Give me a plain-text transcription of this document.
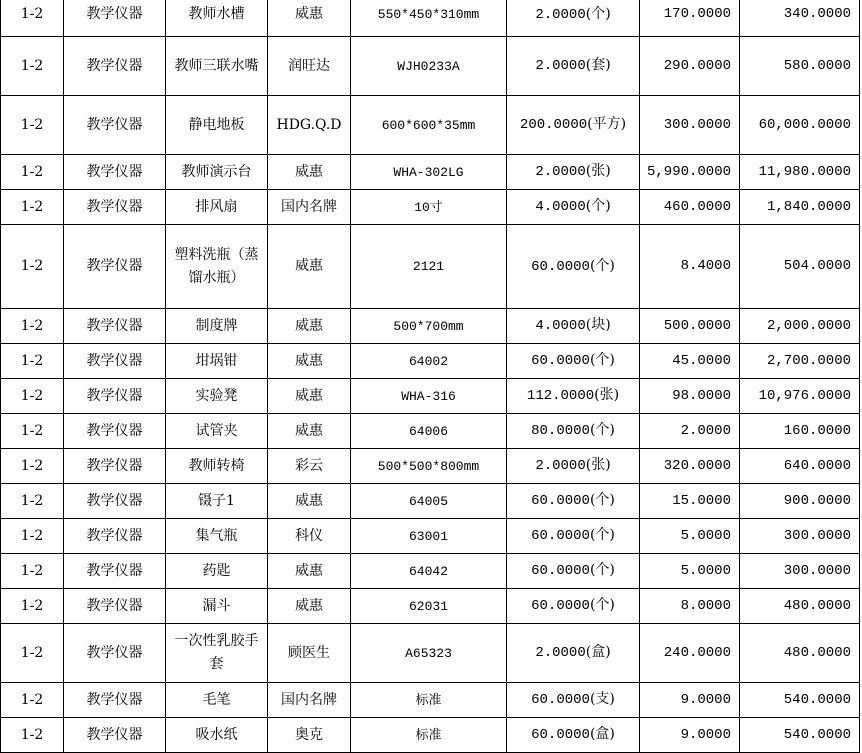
1-2	教学仪器	教师水槽	威惠	550*450*310mm	2.0000(个)	170.0000	340.0000
1-2	教学仪器	教师三联水嘴	润旺达	WJH0233A	2.0000(套)	290.0000	580.0000
1-2	教学仪器	静电地板	HDG.Q.D	600*600*35mm	200.0000(平方)	300.0000	60,000.0000
1-2	教学仪器	教师演示台	威惠	WHA-302LG	2.0000(张)	5,990.0000	11,980.0000
1-2	教学仪器	排风扇	国内名牌	10寸	4.0000(个)	460.0000	1,840.0000
1-2	教学仪器	塑料洗瓶（蒸馏水瓶）	威惠	2121	60.0000(个)	8.4000	504.0000
1-2	教学仪器	制度牌	威惠	500*700mm	4.0000(块)	500.0000	2,000.0000
1-2	教学仪器	坩埚钳	威惠	64002	60.0000(个)	45.0000	2,700.0000
1-2	教学仪器	实验凳	威惠	WHA-316	112.0000(张)	98.0000	10,976.0000
1-2	教学仪器	试管夹	威惠	64006	80.0000(个)	2.0000	160.0000
1-2	教学仪器	教师转椅	彩云	500*500*800mm	2.0000(张)	320.0000	640.0000
1-2	教学仪器	镊子1	威惠	64005	60.0000(个)	15.0000	900.0000
1-2	教学仪器	集气瓶	科仪	63001	60.0000(个)	5.0000	300.0000
1-2	教学仪器	药匙	威惠	64042	60.0000(个)	5.0000	300.0000
1-2	教学仪器	漏斗	威惠	62031	60.0000(个)	8.0000	480.0000
1-2	教学仪器	一次性乳胶手套	顾医生	A65323	2.0000(盒)	240.0000	480.0000
1-2	教学仪器	毛笔	国内名牌	标准	60.0000(支)	9.0000	540.0000
1-2	教学仪器	吸水纸	奥克	标准	60.0000(盒)	9.0000	540.0000
